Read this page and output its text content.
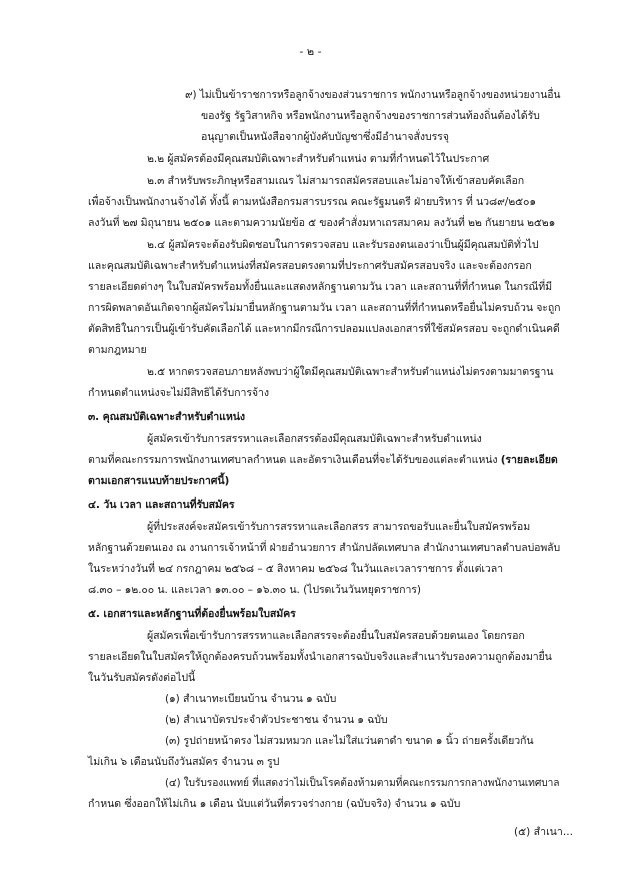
- ๒ -
๙) ไม่เป็นข้าราชการหรือลูกจ้างของส่วนราชการ พนักงานหรือลูกจ้างของหน่วยงานอื่น
ของรัฐ รัฐวิสาหกิจ หรือพนักงานหรือลูกจ้างของราชการส่วนท้องถิ่นต้องได้รับ
อนุญาตเป็นหนังสือจากผู้บังคับบัญชาซึ่งมีอำนาจสั่งบรรจุ
๒.๒ ผู้สมัครต้องมีคุณสมบัติเฉพาะสำหรับตำแหน่ง ตามที่กำหนดไว้ในประกาศ
๒.๓ สำหรับพระภิกษุหรือสามเณร ไม่สามารถสมัครสอบและไม่อาจให้เข้าสอบคัดเลือก
เพื่อจ้างเป็นพนักงานจ้างได้ ทั้งนี้ ตามหนังสือกรมสารบรรณ คณะรัฐมนตรี ฝ่ายบริหาร ที่ นว๘๙/๒๕๐๑
ลงวันที่ ๒๗ มิถุนายน ๒๕๐๑ และตามความนัยข้อ ๕ ของคำสั่งมหาเถรสมาคม ลงวันที่ ๒๒ กันยายน ๒๕๒๑
๒.๔ ผู้สมัครจะต้องรับผิดชอบในการตรวจสอบ และรับรองตนเองว่าเป็นผู้มีคุณสมบัติทั่วไป
และคุณสมบัติเฉพาะสำหรับตำแหน่งที่สมัครสอบตรงตามที่ประกาศรับสมัครสอบจริง และจะต้องกรอก
รายละเอียดต่างๆ ในใบสมัครพร้อมทั้งยื่นและแสดงหลักฐานตามวัน เวลา และสถานที่ที่กำหนด ในกรณีที่มี
การผิดพลาดอันเกิดจากผู้สมัครไม่มายื่นหลักฐานตามวัน เวลา และสถานที่ที่กำหนดหรือยื่นไม่ครบถ้วน จะถูก
ตัดสิทธิในการเป็นผู้เข้ารับคัดเลือกได้ และหากมีกรณีการปลอมแปลงเอกสารที่ใช้สมัครสอบ จะถูกดำเนินคดี
ตามกฎหมาย
๒.๕ หากตรวจสอบภายหลังพบว่าผู้ใดมีคุณสมบัติเฉพาะสำหรับตำแหน่งไม่ตรงตามมาตรฐาน
กำหนดตำแหน่งจะไม่มีสิทธิได้รับการจ้าง
๓. คุณสมบัติเฉพาะสำหรับตำแหน่ง
ผู้สมัครเข้ารับการสรรหาและเลือกสรรต้องมีคุณสมบัติเฉพาะสำหรับตำแหน่ง
ตามที่คณะกรรมการพนักงานเทศบาลกำหนด และอัตราเงินเดือนที่จะได้รับของแต่ละตำแหน่ง (รายละเอียด
ตามเอกสารแนบท้ายประกาศนี้)
๔. วัน เวลา และสถานที่รับสมัคร
ผู้ที่ประสงค์จะสมัครเข้ารับการสรรหาและเลือกสรร สามารถขอรับและยื่นใบสมัครพร้อม
หลักฐานด้วยตนเอง ณ งานการเจ้าหน้าที่ ฝ่ายอำนวยการ สำนักปลัดเทศบาล สำนักงานเทศบาลตำบลบ่อพลับ
ในระหว่างวันที่ ๒๔ กรกฎาคม ๒๕๖๘ – ๕ สิงหาคม ๒๕๖๘ ในวันและเวลาราชการ ตั้งแต่เวลา
๘.๓๐ – ๑๒.๐๐ น. และเวลา ๑๓.๐๐ – ๑๖.๓๐ น. (ไปรดเว้นวันหยุดราชการ)
๕. เอกสารและหลักฐานที่ต้องยื่นพร้อมใบสมัคร
ผู้สมัครเพื่อเข้ารับการสรรหาและเลือกสรรจะต้องยื่นใบสมัครสอบด้วยตนเอง โดยกรอก
รายละเอียดในใบสมัครให้ถูกต้องครบถ้วนพร้อมทั้งนำเอกสารฉบับจริงและสำเนารับรองความถูกต้องมายื่น
ในวันรับสมัครดังต่อไปนี้
(๑) สำเนาทะเบียนบ้าน จำนวน ๑ ฉบับ
(๒) สำเนาบัตรประจำตัวประชาชน จำนวน ๑ ฉบับ
(๓) รูปถ่ายหน้าตรง ไม่สวมหมวก และไม่ใส่แว่นตาดำ ขนาด ๑ นิ้ว ถ่ายครั้งเดียวกัน
ไม่เกิน ๖ เดือนนับถึงวันสมัคร จำนวน ๓ รูป
(๔) ใบรับรองแพทย์ ที่แสดงว่าไม่เป็นโรคต้องห้ามตามที่คณะกรรมการกลางพนักงานเทศบาล
กำหนด ซึ่งออกให้ไม่เกิน ๑ เดือน นับแต่วันที่ตรวจร่างกาย (ฉบับจริง) จำนวน ๑ ฉบับ
(๕) สำเนา...
